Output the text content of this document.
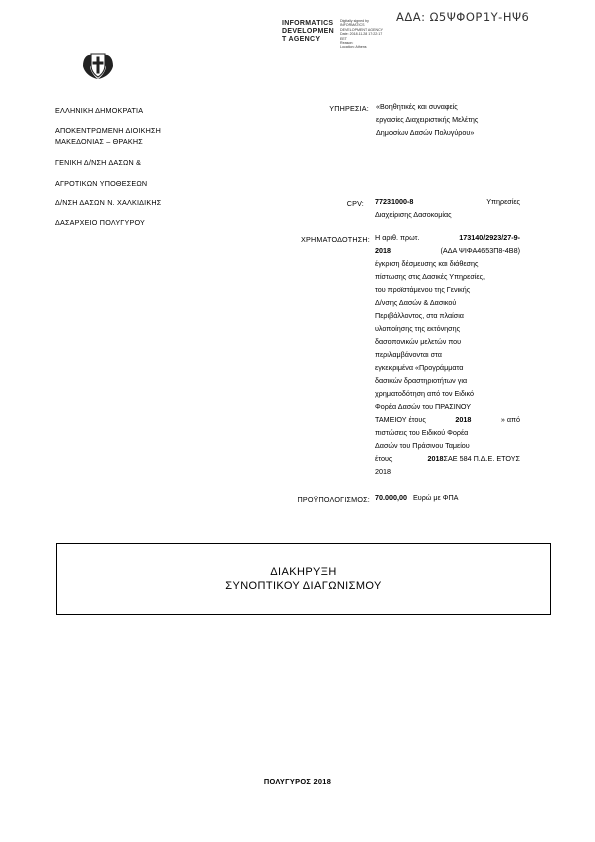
ΑΔΑ: Ω5ΨΦΟΡ1Υ-ΗΨ6
INFORMATICS
DEVELOPMEN
T AGENCY
Digitally signed by
INFORMATICS
DEVELOPMENT AGENCY
Date: 2018.11.28 17:22:17
EET
Reason:
Location: Athens
ΕΛΛΗΝΙΚΗ ΔΗΜΟΚΡΑΤΙΑ
ΑΠΟΚΕΝΤΡΩΜΕΝΗ ΔΙΟΙΚΗΣΗ
ΜΑΚΕΔΟΝΙΑΣ – ΘΡΑΚΗΣ
ΓΕΝΙΚΗ Δ/ΝΣΗ ΔΑΣΩΝ &
ΑΓΡΟΤΙΚΩΝ ΥΠΟΘΕΣΕΩΝ
Δ/ΝΣΗ ΔΑΣΩΝ Ν. ΧΑΛΚΙΔΙΚΗΣ
ΔΑΣΑΡΧΕΙΟ ΠΟΛΥΓΥΡΟΥ
ΥΠΗΡΕΣΙΑ: «Βοηθητικές και συναφείς
εργασίες Διαχειριστικής Μελέτης
Δημοσίων Δασών Πολυγύρου»
CPV: 77231000-8	Υπηρεσίες
Διαχείρισης Δασοκομίας
ΧΡΗΜΑΤΟΔΟΤΗΣΗ: Η αριθ. πρωτ.	173140/2923/27-9-
2018	(ΑΔΑ ΨΙΦΑ4653Π8-4Β8)
έγκριση δέσμευσης και διάθεσης
πίστωσης στις Δασικές Υπηρεσίες,
του προϊστάμενου της Γενικής
Δ/νσης Δασών & Δασικού
Περιβάλλοντος, στα πλαίσια
υλοποίησης της εκτόνησης
δασοπονικών μελετών που
περιλαμβάνονται στα
εγκεκριμένα «Προγράμματα
δασικών δραστηριοτήτων για
χρηματοδότηση από τον Ειδικό
Φορέα Δασών του ΠΡΑΣΙΝΟΥ
ΤΑΜΕΙΟΥ έτους	2018	» από
πιστώσεις του Ειδικού Φορέα
Δασών του Πράσινου Ταμείου
έτους	2018ΣΑΕ 584 Π.Δ.Ε. ΕΤΟΥΣ
2018
ΠΡΟΫΠΟΛΟΓΙΣΜΟΣ: 70.000,00 Ευρώ με ΦΠΑ
ΔΙΑΚΗΡΥΞΗ
ΣΥΝΟΠΤΙΚΟΥ ΔΙΑΓΩΝΙΣΜΟΥ
ΠΟΛΥΓΥΡΟΣ 2018
